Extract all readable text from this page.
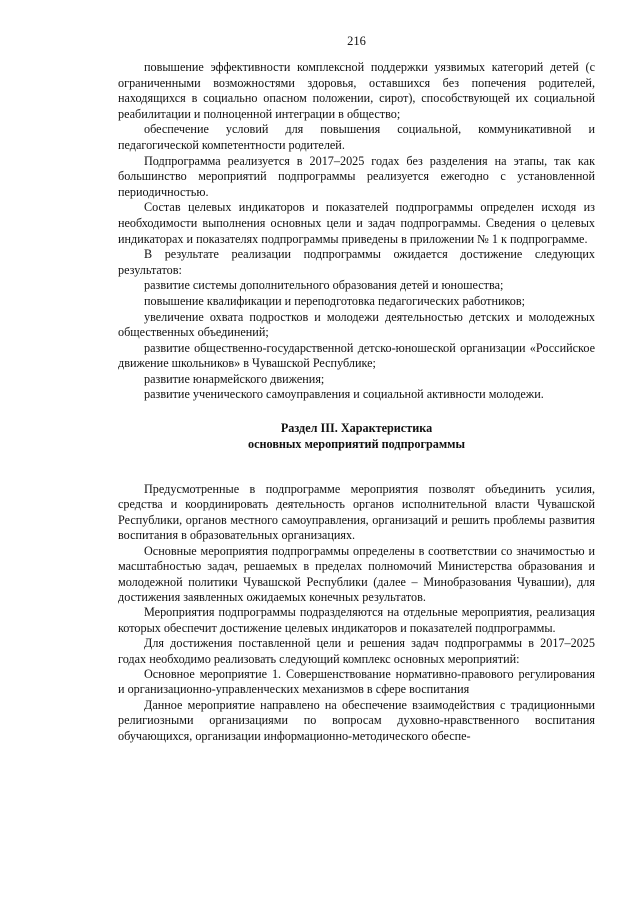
216

повышение эффективности комплексной поддержки уязвимых категорий детей (с ограниченными возможностями здоровья, оставшихся без попечения родителей, находящихся в социально опасном положении, сирот), способствующей их социальной реабилитации и полноценной интеграции в общество;

обеспечение условий для повышения социальной, коммуникативной и педагогической компетентности родителей.

Подпрограмма реализуется в 2017–2025 годах без разделения на этапы, так как большинство мероприятий подпрограммы реализуется ежегодно с установленной периодичностью.

Состав целевых индикаторов и показателей подпрограммы определен исходя из необходимости выполнения основных цели и задач подпрограммы. Сведения о целевых индикаторах и показателях подпрограммы приведены в приложении № 1 к подпрограмме.

В результате реализации подпрограммы ожидается достижение следующих результатов:

развитие системы дополнительного образования детей и юношества;

повышение квалификации и переподготовка педагогических работников;

увеличение охвата подростков и молодежи деятельностью детских и молодежных общественных объединений;

развитие общественно-государственной детско-юношеской организации «Российское движение школьников» в Чувашской Республике;

развитие юнармейского движения;

развитие ученического самоуправления и социальной активности молодежи.

Раздел III. Характеристика

основных мероприятий подпрограммы

Предусмотренные в подпрограмме мероприятия позволят объединить усилия, средства и координировать деятельность органов исполнительной власти Чувашской Республики, органов местного самоуправления, организаций и решить проблемы развития воспитания в образовательных организациях.

Основные мероприятия подпрограммы определены в соответствии со значимостью и масштабностью задач, решаемых в пределах полномочий Министерства образования и молодежной политики Чувашской Республики (далее – Минобразования Чувашии), для достижения заявленных ожидаемых конечных результатов.

Мероприятия подпрограммы подразделяются на отдельные мероприятия, реализация которых обеспечит достижение целевых индикаторов и показателей подпрограммы.

Для достижения поставленной цели и решения задач подпрограммы в 2017–2025 годах необходимо реализовать следующий комплекс основных мероприятий:

Основное мероприятие 1. Совершенствование нормативно-правового регулирования и организационно-управленческих механизмов в сфере воспитания

Данное мероприятие направлено на обеспечение взаимодействия с традиционными религиозными организациями по вопросам духовно-нравственного воспитания обучающихся, организации информационно-методического обеспе-
